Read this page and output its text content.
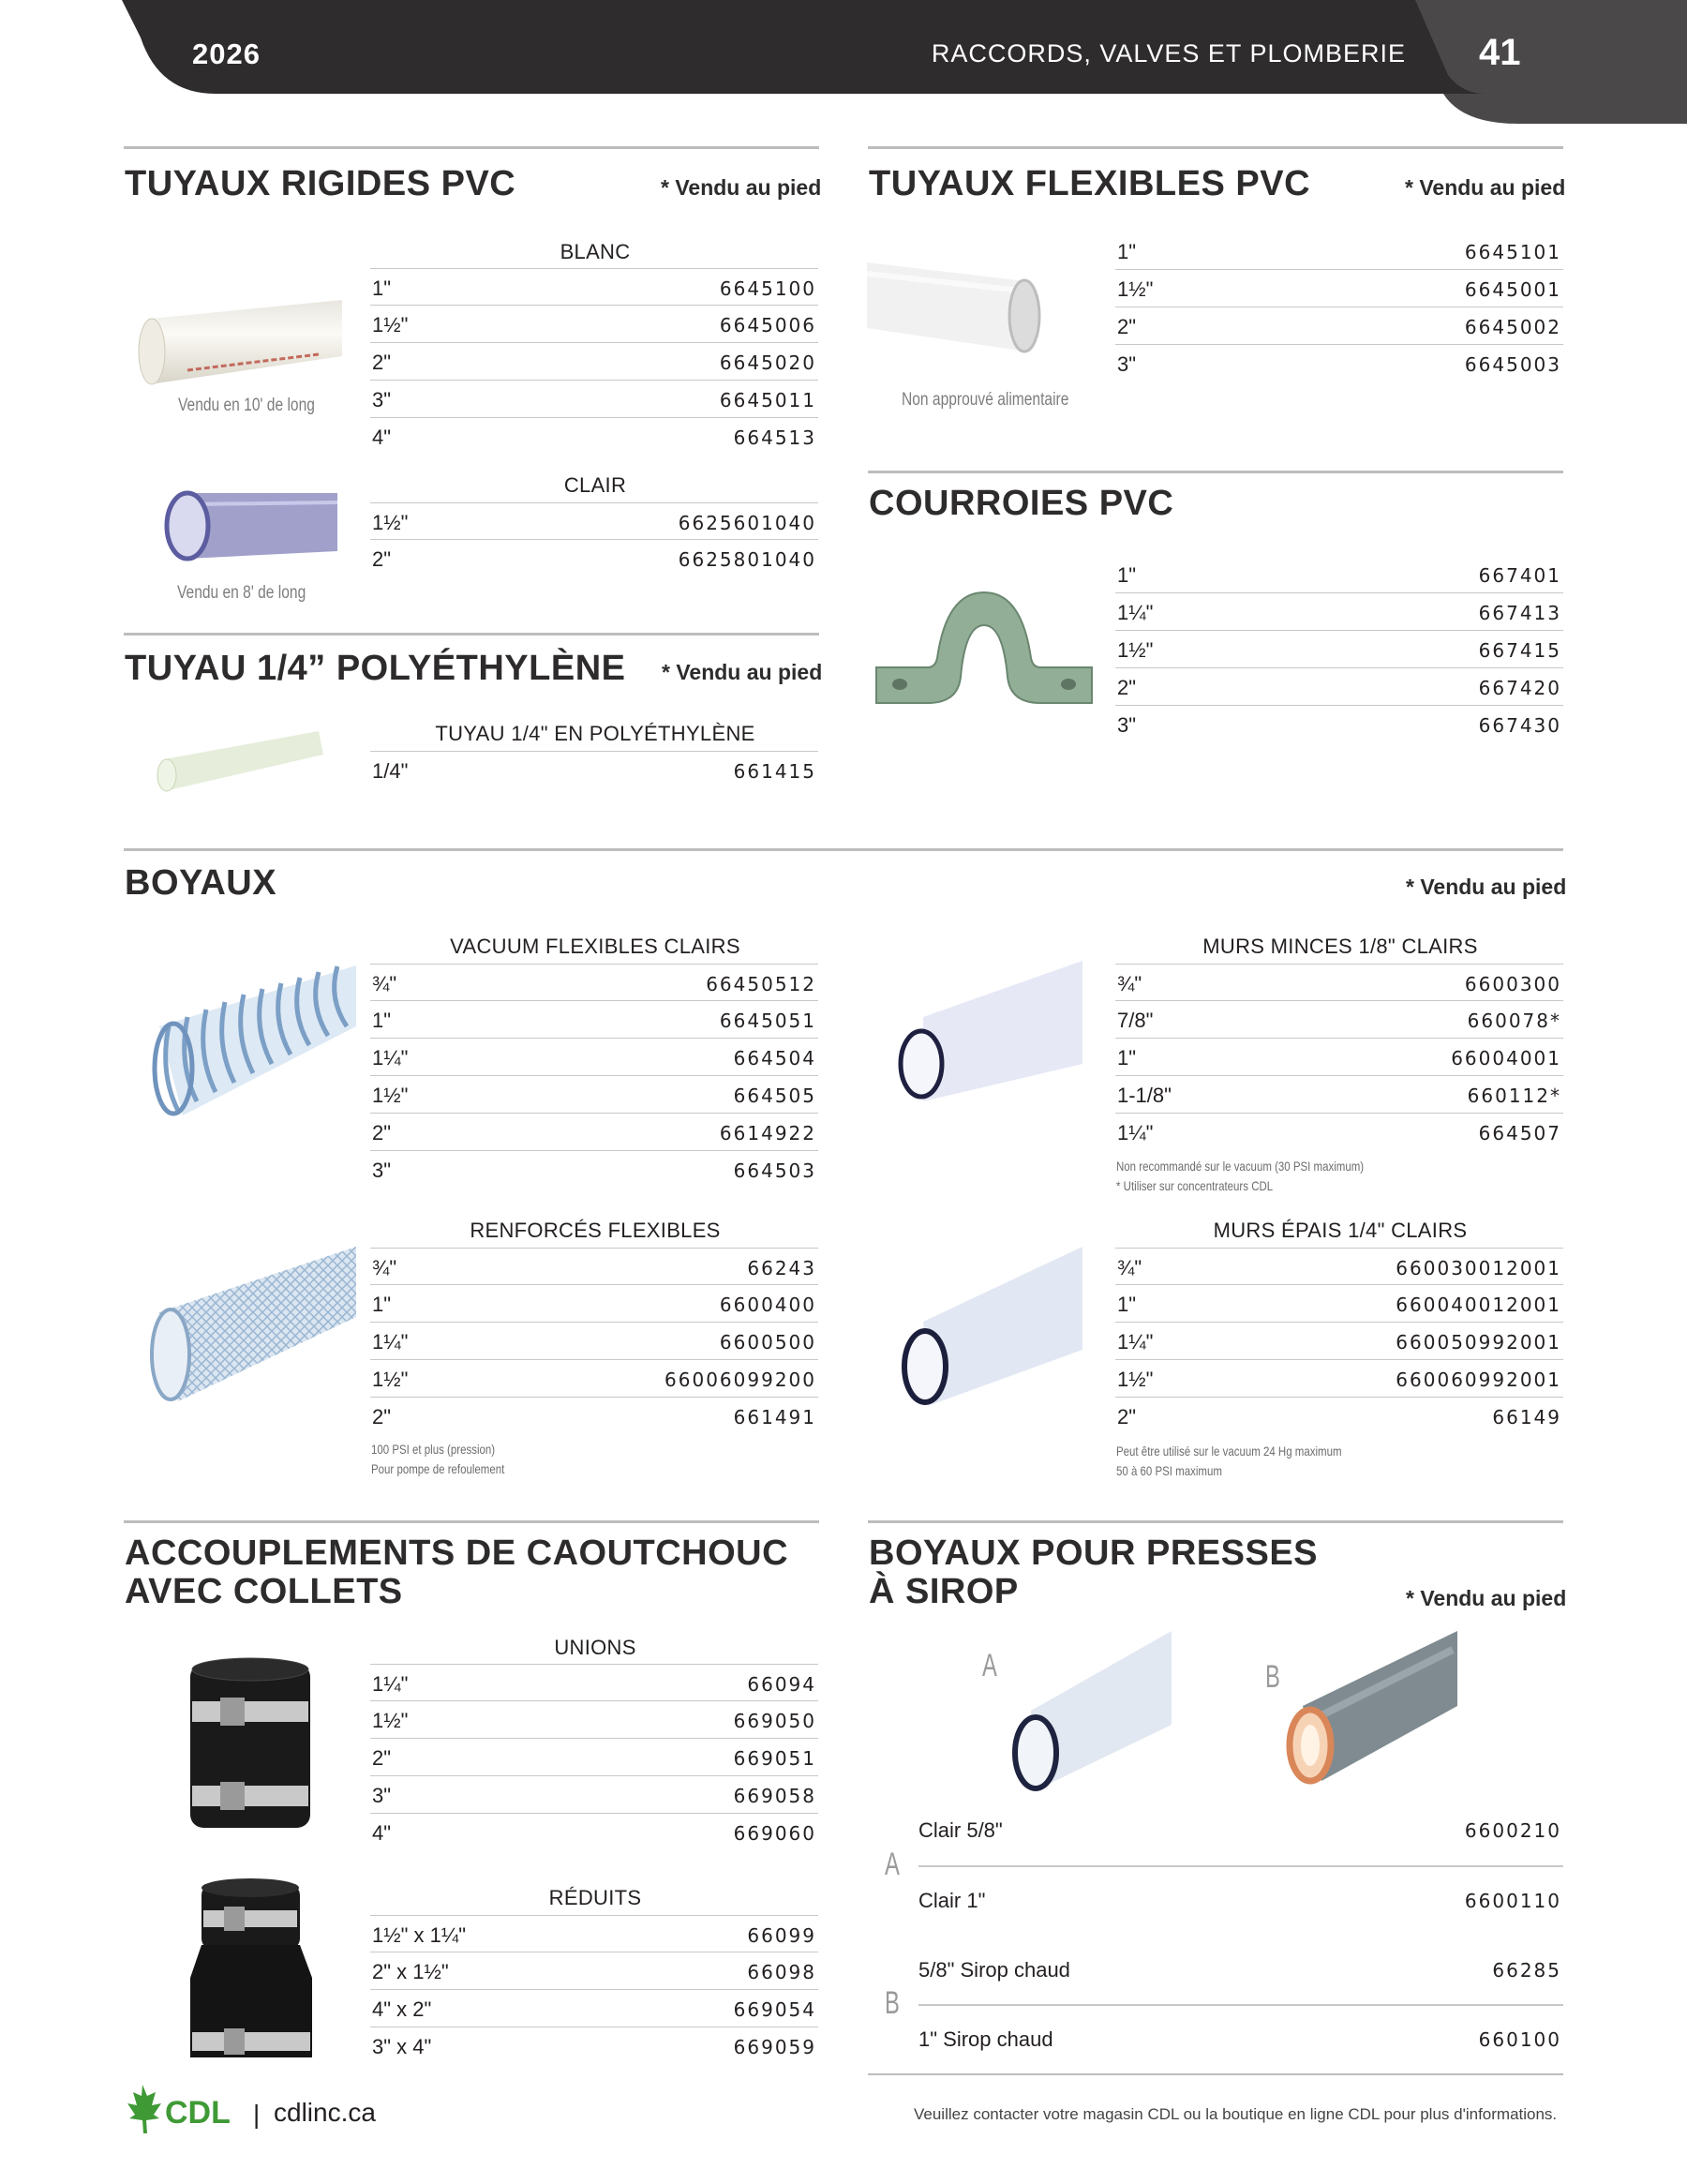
2026	RACCORDS, VALVES ET PLOMBERIE 41
TUYAUX RIGIDES PVC	* Vendu au pied
Vendu en 10' de long
BLANC
1"	6645100
1½"	6645006
2"	6645020
3"	6645011
4"	664513
Vendu en 8' de long
CLAIR
1½"	6625601040
2"	6625801040
TUYAU 1/4” POLYÉTHYLÈNE * Vendu au pied
TUYAU 1/4" EN POLYÉTHYLÈNE
1/4"	661415
TUYAUX FLEXIBLES PVC	* Vendu au pied
Non approuvé alimentaire
1"	6645101
1½"	6645001
2"	6645002
3"	6645003
COURROIES PVC
1"	667401
1¼"	667413
1½"	667415
2"	667420
3"	667430
BOYAUX	* Vendu au pied
VACUUM FLEXIBLES CLAIRS
¾"	66450512
1"	6645051
1¼"	664504
1½"	664505
2"	6614922
3"	664503
MURS MINCES 1/8" CLAIRS
¾"	6600300
7/8"	660078*
1"	66004001
1-1/8"	660112*
1¼"	664507
Non recommandé sur le vacuum (30 PSI maximum)
* Utiliser sur concentrateurs CDL
RENFORCÉS FLEXIBLES
¾"	66243
1"	6600400
1¼"	6600500
1½"	66006099200
2"	661491
100 PSI et plus (pression)
Pour pompe de refoulement
MURS ÉPAIS 1/4" CLAIRS
¾"	660030012001
1"	660040012001
1¼"	660050992001
1½"	660060992001
2"	66149
Peut être utilisé sur le vacuum 24 Hg maximum
50 à 60 PSI maximum
ACCOUPLEMENTS DE CAOUTCHOUC
AVEC COLLETS
UNIONS
1¼"	66094
1½"	669050
2"	669051
3"	669058
4"	669060
RÉDUITS
1½" x 1¼"	66099
2" x 1½"	66098
4" x 2"	669054
3" x 4"	669059
BOYAUX POUR PRESSES
À SIROP	* Vendu au pied
A	B
A
B
Clair 5/8"	6600210
Clair 1"	6600110
5/8" Sirop chaud	66285
1" Sirop chaud	660100
CDL | cdlinc.ca	Veuillez contacter votre magasin CDL ou la boutique en ligne CDL pour plus d'informations.
